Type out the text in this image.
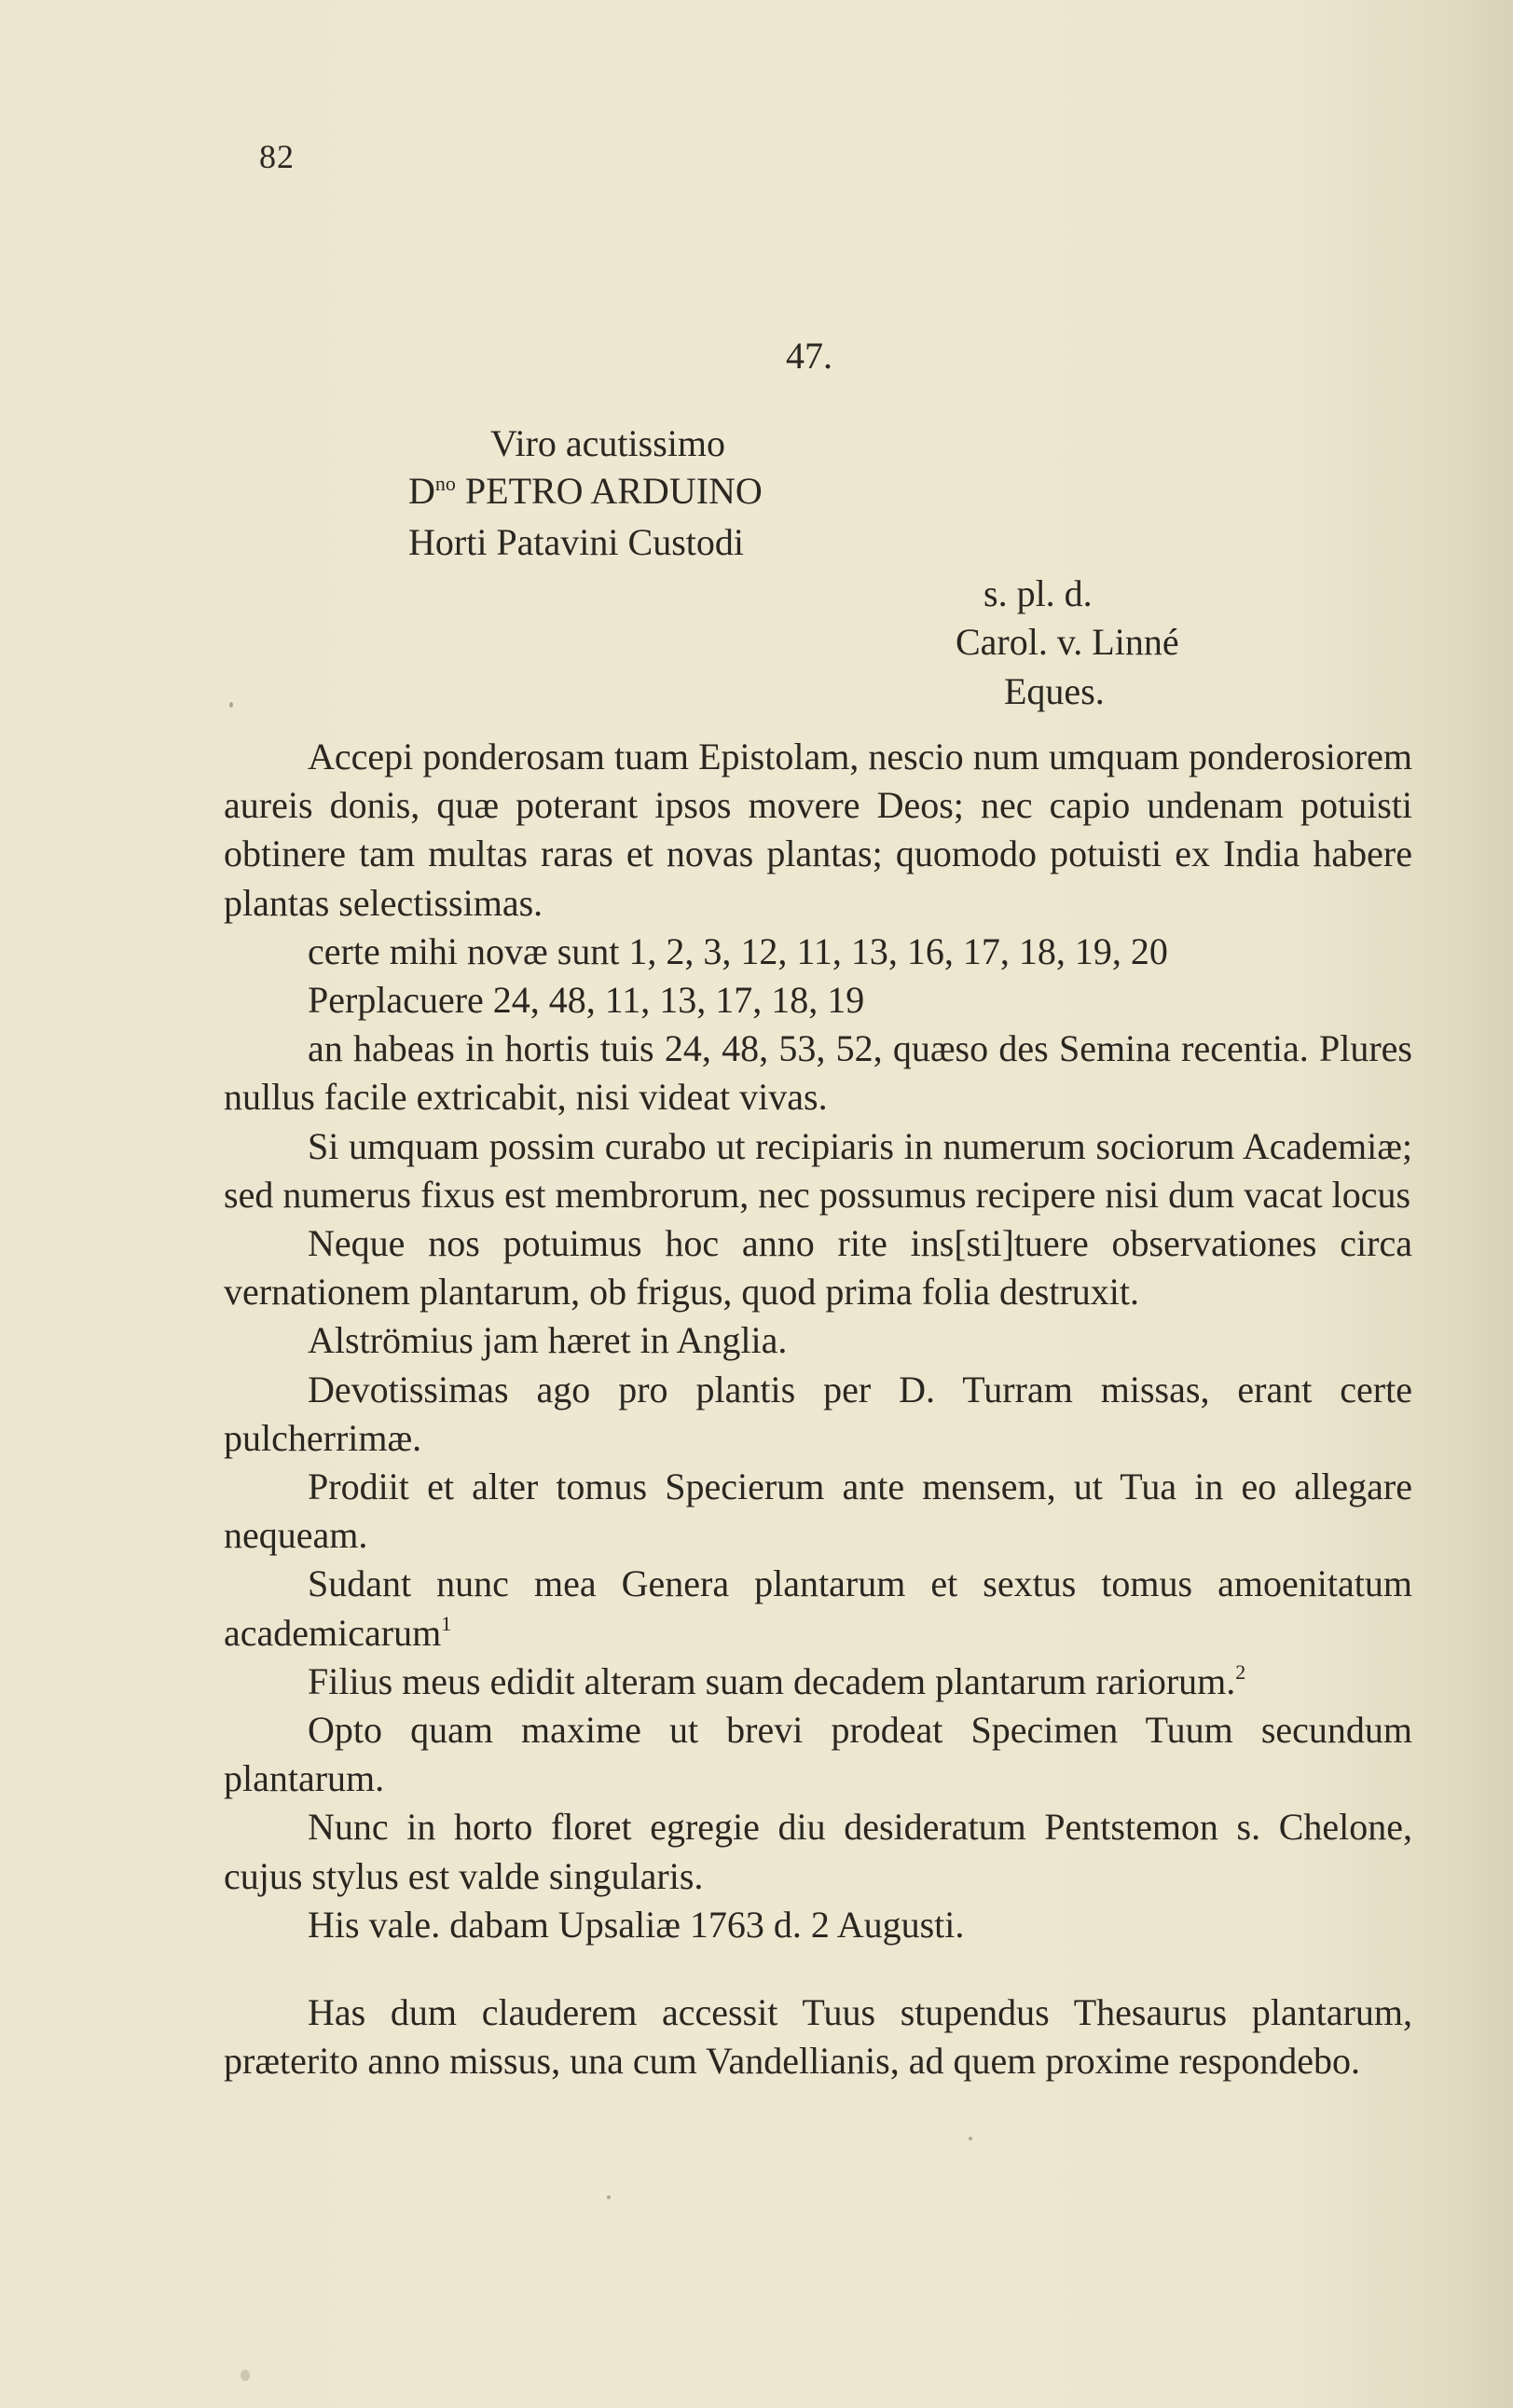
82
47.
Viro acutissimo
$D^{no}$ PETRO ARDUINO
Horti Patavini Custodi
s. pl. d.
Carol. v. Linné
Eques.

Accepi ponderosam tuam Epistolam, nescio num umquam ponderosiorem aureis donis, quæ poterant ipsos movere Deos; nec capio undenam potuisti obtinere tam multas raras et novas plantas; quomodo potuisti ex India habere plantas selectissimas.

certe mihi novæ sunt 1, 2, 3, 12, 11, 13, 16, 17, 18, 19, 20

Perplacuere 24, 48, 11, 13, 17, 18, 19

an habeas in hortis tuis 24, 48, 53, 52, quæso des Semina recentia. Plures nullus facile extricabit, nisi videat vivas.

Si umquam possim curabo ut recipiaris in numerum sociorum Academiæ; sed numerus fixus est membrorum, nec possumus recipere nisi dum vacat locus

Neque nos potuimus hoc anno rite ins[sti]tuere observationes circa vernationem plantarum, ob frigus, quod prima folia destruxit.

Alströmius jam hæret in Anglia.

Devotissimas ago pro plantis per D. Turram missas, erant certe pulcherrimæ.

Prodiit et alter tomus Specierum ante mensem, ut Tua in eo allegare nequeam.

Sudant nunc mea Genera plantarum et sextus tomus amoenitatum academicarum$^1$

Filius meus edidit alteram suam decadem plantarum rariorum.$^2$

Opto quam maxime ut brevi prodeat Specimen Tuum secundum plantarum.

Nunc in horto floret egregie diu desideratum Pentstemon s. Chelone, cujus stylus est valde singularis.

His vale. dabam Upsaliæ 1763 d. 2 Augusti.

Has dum clauderem accessit Tuus stupendus Thesaurus plantarum, præterito anno missus, una cum Vandellianis, ad quem proxime respondebo.
